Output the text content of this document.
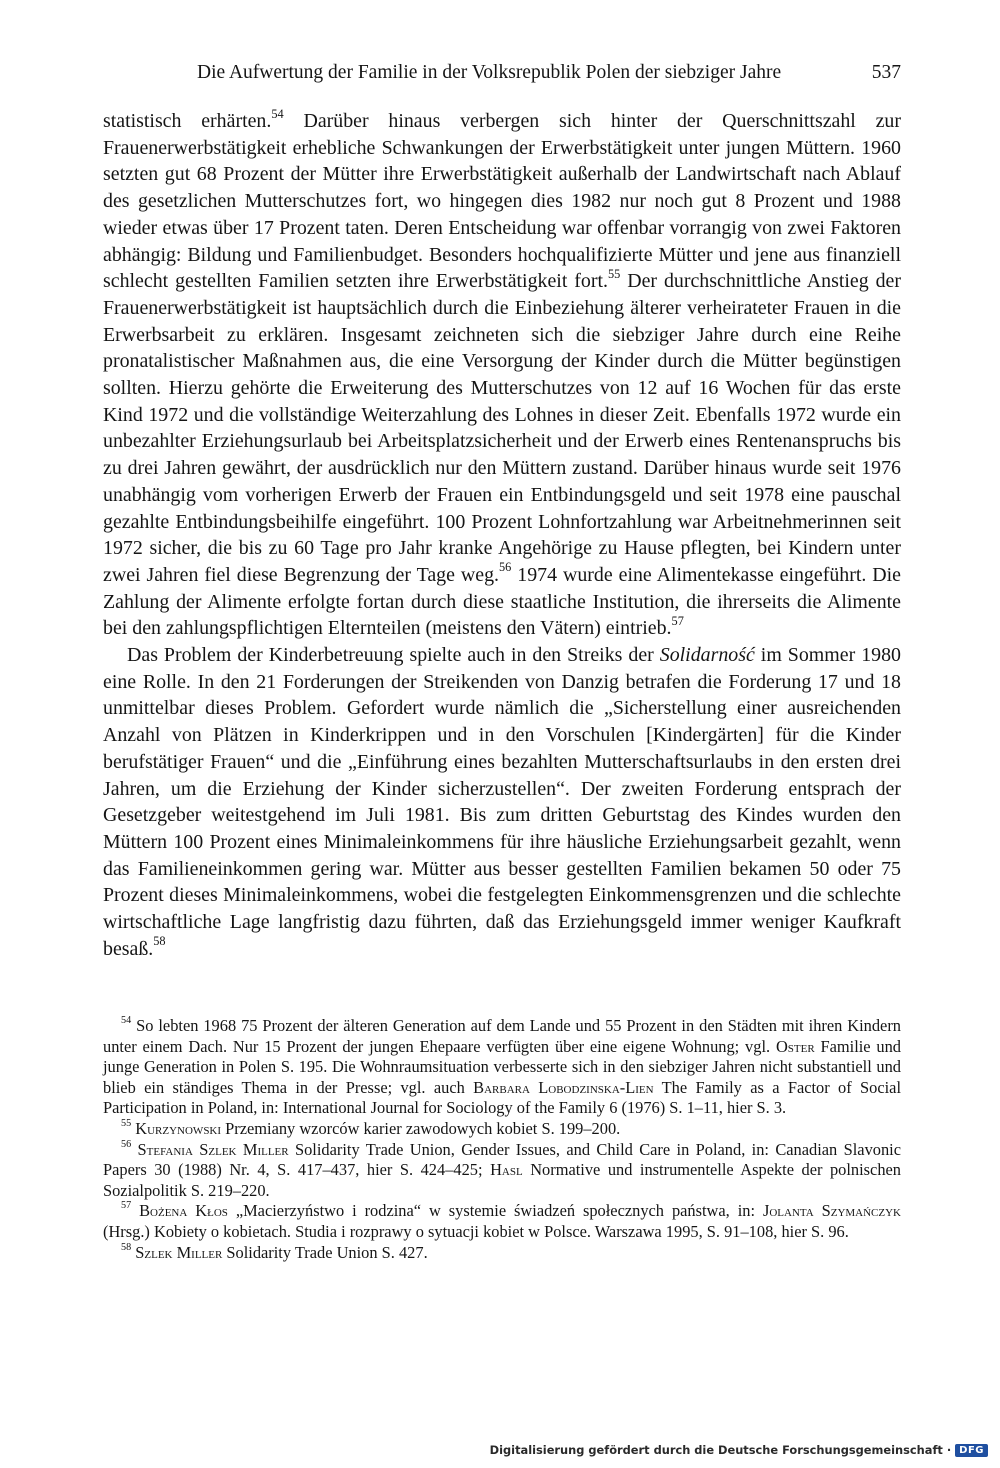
Die Aufwertung der Familie in der Volksrepublik Polen der siebziger Jahre	537

statistisch erhärten.$^{54}$ Darüber hinaus verbergen sich hinter der Querschnittszahl zur Frauenerwerbstätigkeit erhebliche Schwankungen der Erwerbstätigkeit unter jungen Müttern. 1960 setzten gut 68 Prozent der Mütter ihre Erwerbstätigkeit außerhalb der Landwirtschaft nach Ablauf des gesetzlichen Mutterschutzes fort, wo hingegen dies 1982 nur noch gut 8 Prozent und 1988 wieder etwas über 17 Prozent taten. Deren Entscheidung war offenbar vorrangig von zwei Faktoren abhängig: Bildung und Familienbudget. Besonders hochqualifizierte Mütter und jene aus finanziell schlecht gestellten Familien setzten ihre Erwerbstätigkeit fort.$^{55}$ Der durchschnittliche Anstieg der Frauenerwerbstätigkeit ist hauptsächlich durch die Einbeziehung älterer verheirateter Frauen in die Erwerbsarbeit zu erklären. Insgesamt zeichneten sich die siebziger Jahre durch eine Reihe pronatalistischer Maßnahmen aus, die eine Versorgung der Kinder durch die Mütter begünstigen sollten. Hierzu gehörte die Erweiterung des Mutterschutzes von 12 auf 16 Wochen für das erste Kind 1972 und die vollständige Weiterzahlung des Lohnes in dieser Zeit. Ebenfalls 1972 wurde ein unbezahlter Erziehungsurlaub bei Arbeitsplatzsicherheit und der Erwerb eines Rentenanspruchs bis zu drei Jahren gewährt, der ausdrücklich nur den Müttern zustand. Darüber hinaus wurde seit 1976 unabhängig vom vorherigen Erwerb der Frauen ein Entbindungsgeld und seit 1978 eine pauschal gezahlte Entbindungsbeihilfe eingeführt. 100 Prozent Lohnfortzahlung war Arbeitnehmerinnen seit 1972 sicher, die bis zu 60 Tage pro Jahr kranke Angehörige zu Hause pflegten, bei Kindern unter zwei Jahren fiel diese Begrenzung der Tage weg.$^{56}$ 1974 wurde eine Alimentekasse eingeführt. Die Zahlung der Alimente erfolgte fortan durch diese staatliche Institution, die ihrerseits die Alimente bei den zahlungspflichtigen Elternteilen (meistens den Vätern) eintrieb.$^{57}$

Das Problem der Kinderbetreuung spielte auch in den Streiks der Solidarność im Sommer 1980 eine Rolle. In den 21 Forderungen der Streikenden von Danzig betrafen die Forderung 17 und 18 unmittelbar dieses Problem. Gefordert wurde nämlich die „Sicherstellung einer ausreichenden Anzahl von Plätzen in Kinderkrippen und in den Vorschulen [Kindergärten] für die Kinder berufstätiger Frauen“ und die „Einführung eines bezahlten Mutterschaftsurlaubs in den ersten drei Jahren, um die Erziehung der Kinder sicherzustellen“. Der zweiten Forderung entsprach der Gesetzgeber weitestgehend im Juli 1981. Bis zum dritten Geburtstag des Kindes wurden den Müttern 100 Prozent eines Minimaleinkommens für ihre häusliche Erziehungsarbeit gezahlt, wenn das Familieneinkommen gering war. Mütter aus besser gestellten Familien bekamen 50 oder 75 Prozent dieses Minimaleinkommens, wobei die festgelegten Einkommensgrenzen und die schlechte wirtschaftliche Lage langfristig dazu führten, daß das Erziehungsgeld immer weniger Kaufkraft besaß.$^{58}$

$^{54}$ So lebten 1968 75 Prozent der älteren Generation auf dem Lande und 55 Prozent in den Städten mit ihren Kindern unter einem Dach. Nur 15 Prozent der jungen Ehepaare verfügten über eine eigene Wohnung; vgl. Oster Familie und junge Generation in Polen S. 195. Die Wohnraumsituation verbesserte sich in den siebziger Jahren nicht substantiell und blieb ein ständiges Thema in der Presse; vgl. auch Barbara Lobodzinska-Lien The Family as a Factor of Social Participation in Poland, in: International Journal for Sociology of the Family 6 (1976) S. 1–11, hier S. 3.

$^{55}$ Kurzynowski Przemiany wzorców karier zawodowych kobiet S. 199–200.

$^{56}$ Stefania Szlek Miller Solidarity Trade Union, Gender Issues, and Child Care in Poland, in: Canadian Slavonic Papers 30 (1988) Nr. 4, S. 417–437, hier S. 424–425; Hasl Normative und instrumentelle Aspekte der polnischen Sozialpolitik S. 219–220.

$^{57}$ Bożena Kłos „Macierzyństwo i rodzina“ w systemie świadzeń społecznych państwa, in: Jolanta Szymańczyk (Hrsg.) Kobiety o kobietach. Studia i rozprawy o sytuacji kobiet w Polsce. Warszawa 1995, S. 91–108, hier S. 96.

$^{58}$ Szlek Miller Solidarity Trade Union S. 427.

Digitalisierung gefördert durch die Deutsche Forschungsgemeinschaft · DFG
